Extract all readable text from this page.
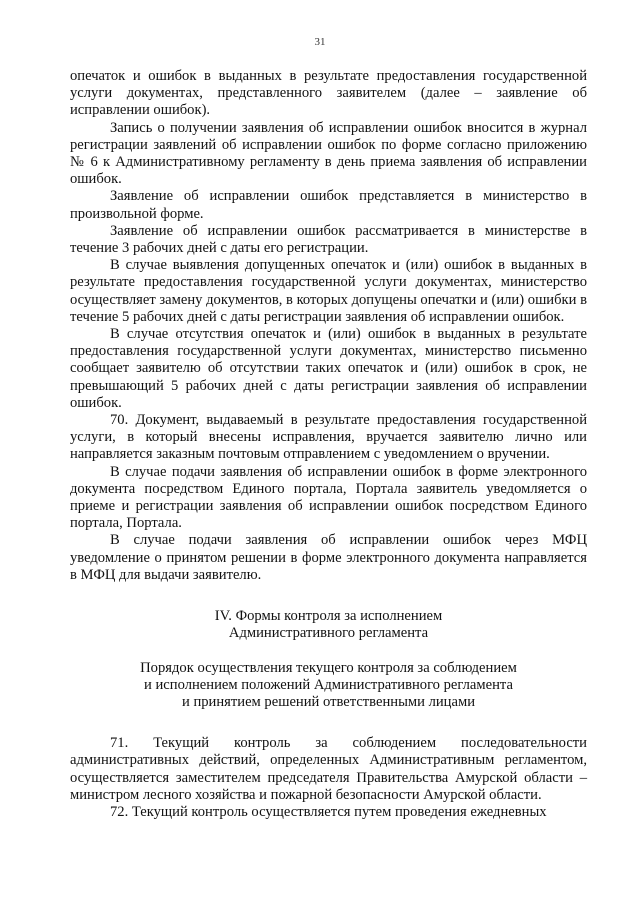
31

опечаток и ошибок в выданных в результате предоставления государственной услуги документах, представленного заявителем (далее – заявление об исправлении ошибок).

Запись о получении заявления об исправлении ошибок вносится в журнал регистрации заявлений об исправлении ошибок по форме согласно приложению № 6 к Административному регламенту в день приема заявления об исправлении ошибок.

Заявление об исправлении ошибок представляется в министерство в произвольной форме.

Заявление об исправлении ошибок рассматривается в министерстве в течение 3 рабочих дней с даты его регистрации.

В случае выявления допущенных опечаток и (или) ошибок в выданных в результате предоставления государственной услуги документах, министерство осуществляет замену документов, в которых допущены опечатки и (или) ошибки в течение 5 рабочих дней с даты регистрации заявления об исправлении ошибок.

В случае отсутствия опечаток и (или) ошибок в выданных в результате предоставления государственной услуги документах, министерство письменно сообщает заявителю об отсутствии таких опечаток и (или) ошибок в срок, не превышающий 5 рабочих дней с даты регистрации заявления об исправлении ошибок.

70. Документ, выдаваемый в результате предоставления государственной услуги, в который внесены исправления, вручается заявителю лично или направляется заказным почтовым отправлением с уведомлением о вручении.

В случае подачи заявления об исправлении ошибок в форме электронного документа посредством Единого портала, Портала заявитель уведомляется о приеме и регистрации заявления об исправлении ошибок посредством Единого портала, Портала.

В случае подачи заявления об исправлении ошибок через МФЦ уведомление о принятом решении в форме электронного документа направляется в МФЦ для выдачи заявителю.

IV. Формы контроля за исполнением
Административного регламента
Порядок осуществления текущего контроля за соблюдением
и исполнением положений Административного регламента
и принятием решений ответственными лицами

71. Текущий контроль за соблюдением последовательности административных действий, определенных Административным регламентом, осуществляется заместителем председателя Правительства Амурской области – министром лесного хозяйства и пожарной безопасности Амурской области.

72. Текущий контроль осуществляется путем проведения ежедневных
